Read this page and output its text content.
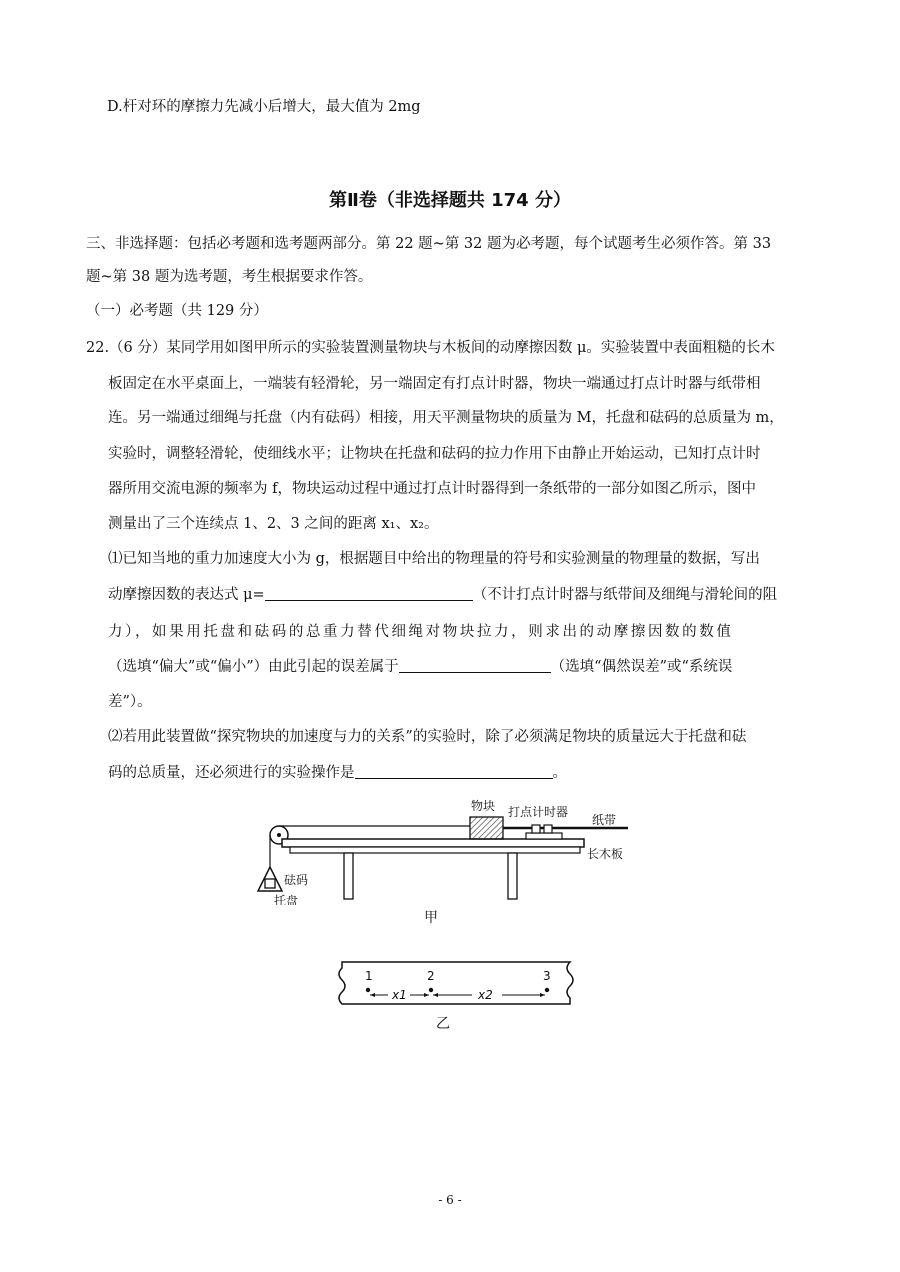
D.杆对环的摩擦力先减小后增大，最大值为 2mg
第Ⅱ卷（非选择题共 174 分）
三、非选择题：包括必考题和选考题两部分。第 22 题~第 32 题为必考题，每个试题考生必须作答。第 33
题~第 38 题为选考题，考生根据要求作答。
（一）必考题（共 129 分）
22.（6 分）某同学用如图甲所示的实验装置测量物块与木板间的动摩擦因数 μ。实验装置中表面粗糙的长木
板固定在水平桌面上，一端装有轻滑轮，另一端固定有打点计时器，物块一端通过打点计时器与纸带相
连。另一端通过细绳与托盘（内有砝码）相接，用天平测量物块的质量为 M，托盘和砝码的总质量为 m，
实验时，调整轻滑轮，使细线水平；让物块在托盘和砝码的拉力作用下由静止开始运动，已知打点计时
器所用交流电源的频率为 f，物块运动过程中通过打点计时器得到一条纸带的一部分如图乙所示，图中
测量出了三个连续点 1、2、3 之间的距离 x₁、x₂。
⑴已知当地的重力加速度大小为 g，根据题目中给出的物理量的符号和实验测量的物理量的数据，写出
动摩擦因数的表达式 μ=	（不计打点计时器与纸带间及细绳与滑轮间的阻
力），如果用托盘和砝码的总重力替代细绳对物块拉力，则求出的动摩擦因数的数值
（选填“偏大”或“偏小”）由此引起的误差属于	（选填“偶然误差”或“系统误
差”）。
⑵若用此装置做“探究物块的加速度与力的关系”的实验时，除了必须满足物块的质量远大于托盘和砝
码的总质量，还必须进行的实验操作是	。
物块 打点计时器
纸带
长木板
砝码
托盘
甲
1	2	3
x1	x2
乙
- 6 -
